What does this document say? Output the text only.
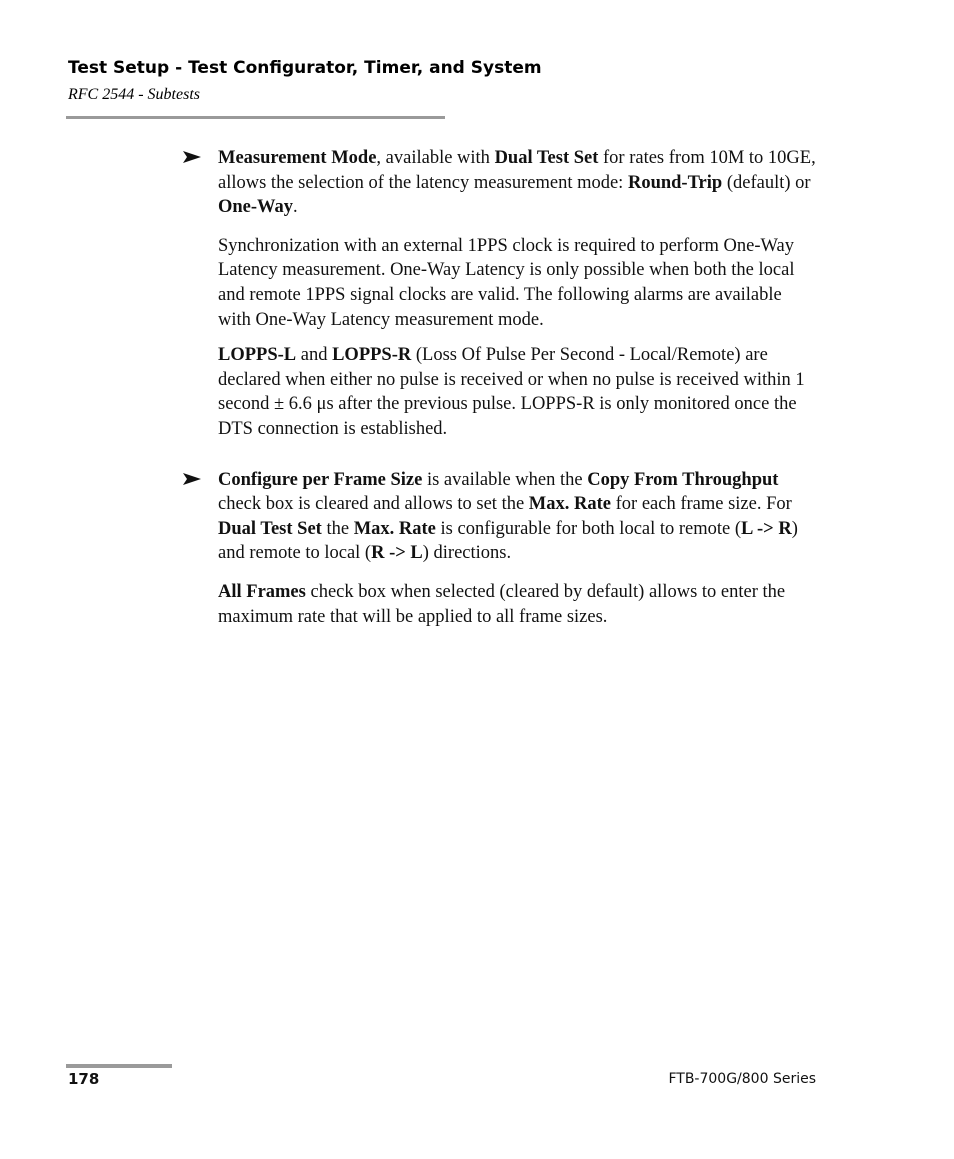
Test Setup - Test Configurator, Timer, and System
RFC 2544 - Subtests

Measurement Mode, available with Dual Test Set for rates from 10M to 10GE, allows the selection of the latency measurement mode: Round-Trip (default) or One-Way.

Synchronization with an external 1PPS clock is required to perform One-Way Latency measurement. One-Way Latency is only possible when both the local and remote 1PPS signal clocks are valid. The following alarms are available with One-Way Latency measurement mode.

LOPPS-L and LOPPS-R (Loss Of Pulse Per Second - Local/Remote) are declared when either no pulse is received or when no pulse is received within 1 second ± 6.6 μs after the previous pulse. LOPPS-R is only monitored once the DTS connection is established.

Configure per Frame Size is available when the Copy From Throughput check box is cleared and allows to set the Max. Rate for each frame size. For Dual Test Set the Max. Rate is configurable for both local to remote (L -> R) and remote to local (R -> L) directions.

All Frames check box when selected (cleared by default) allows to enter the maximum rate that will be applied to all frame sizes.

178	FTB-700G/800 Series
